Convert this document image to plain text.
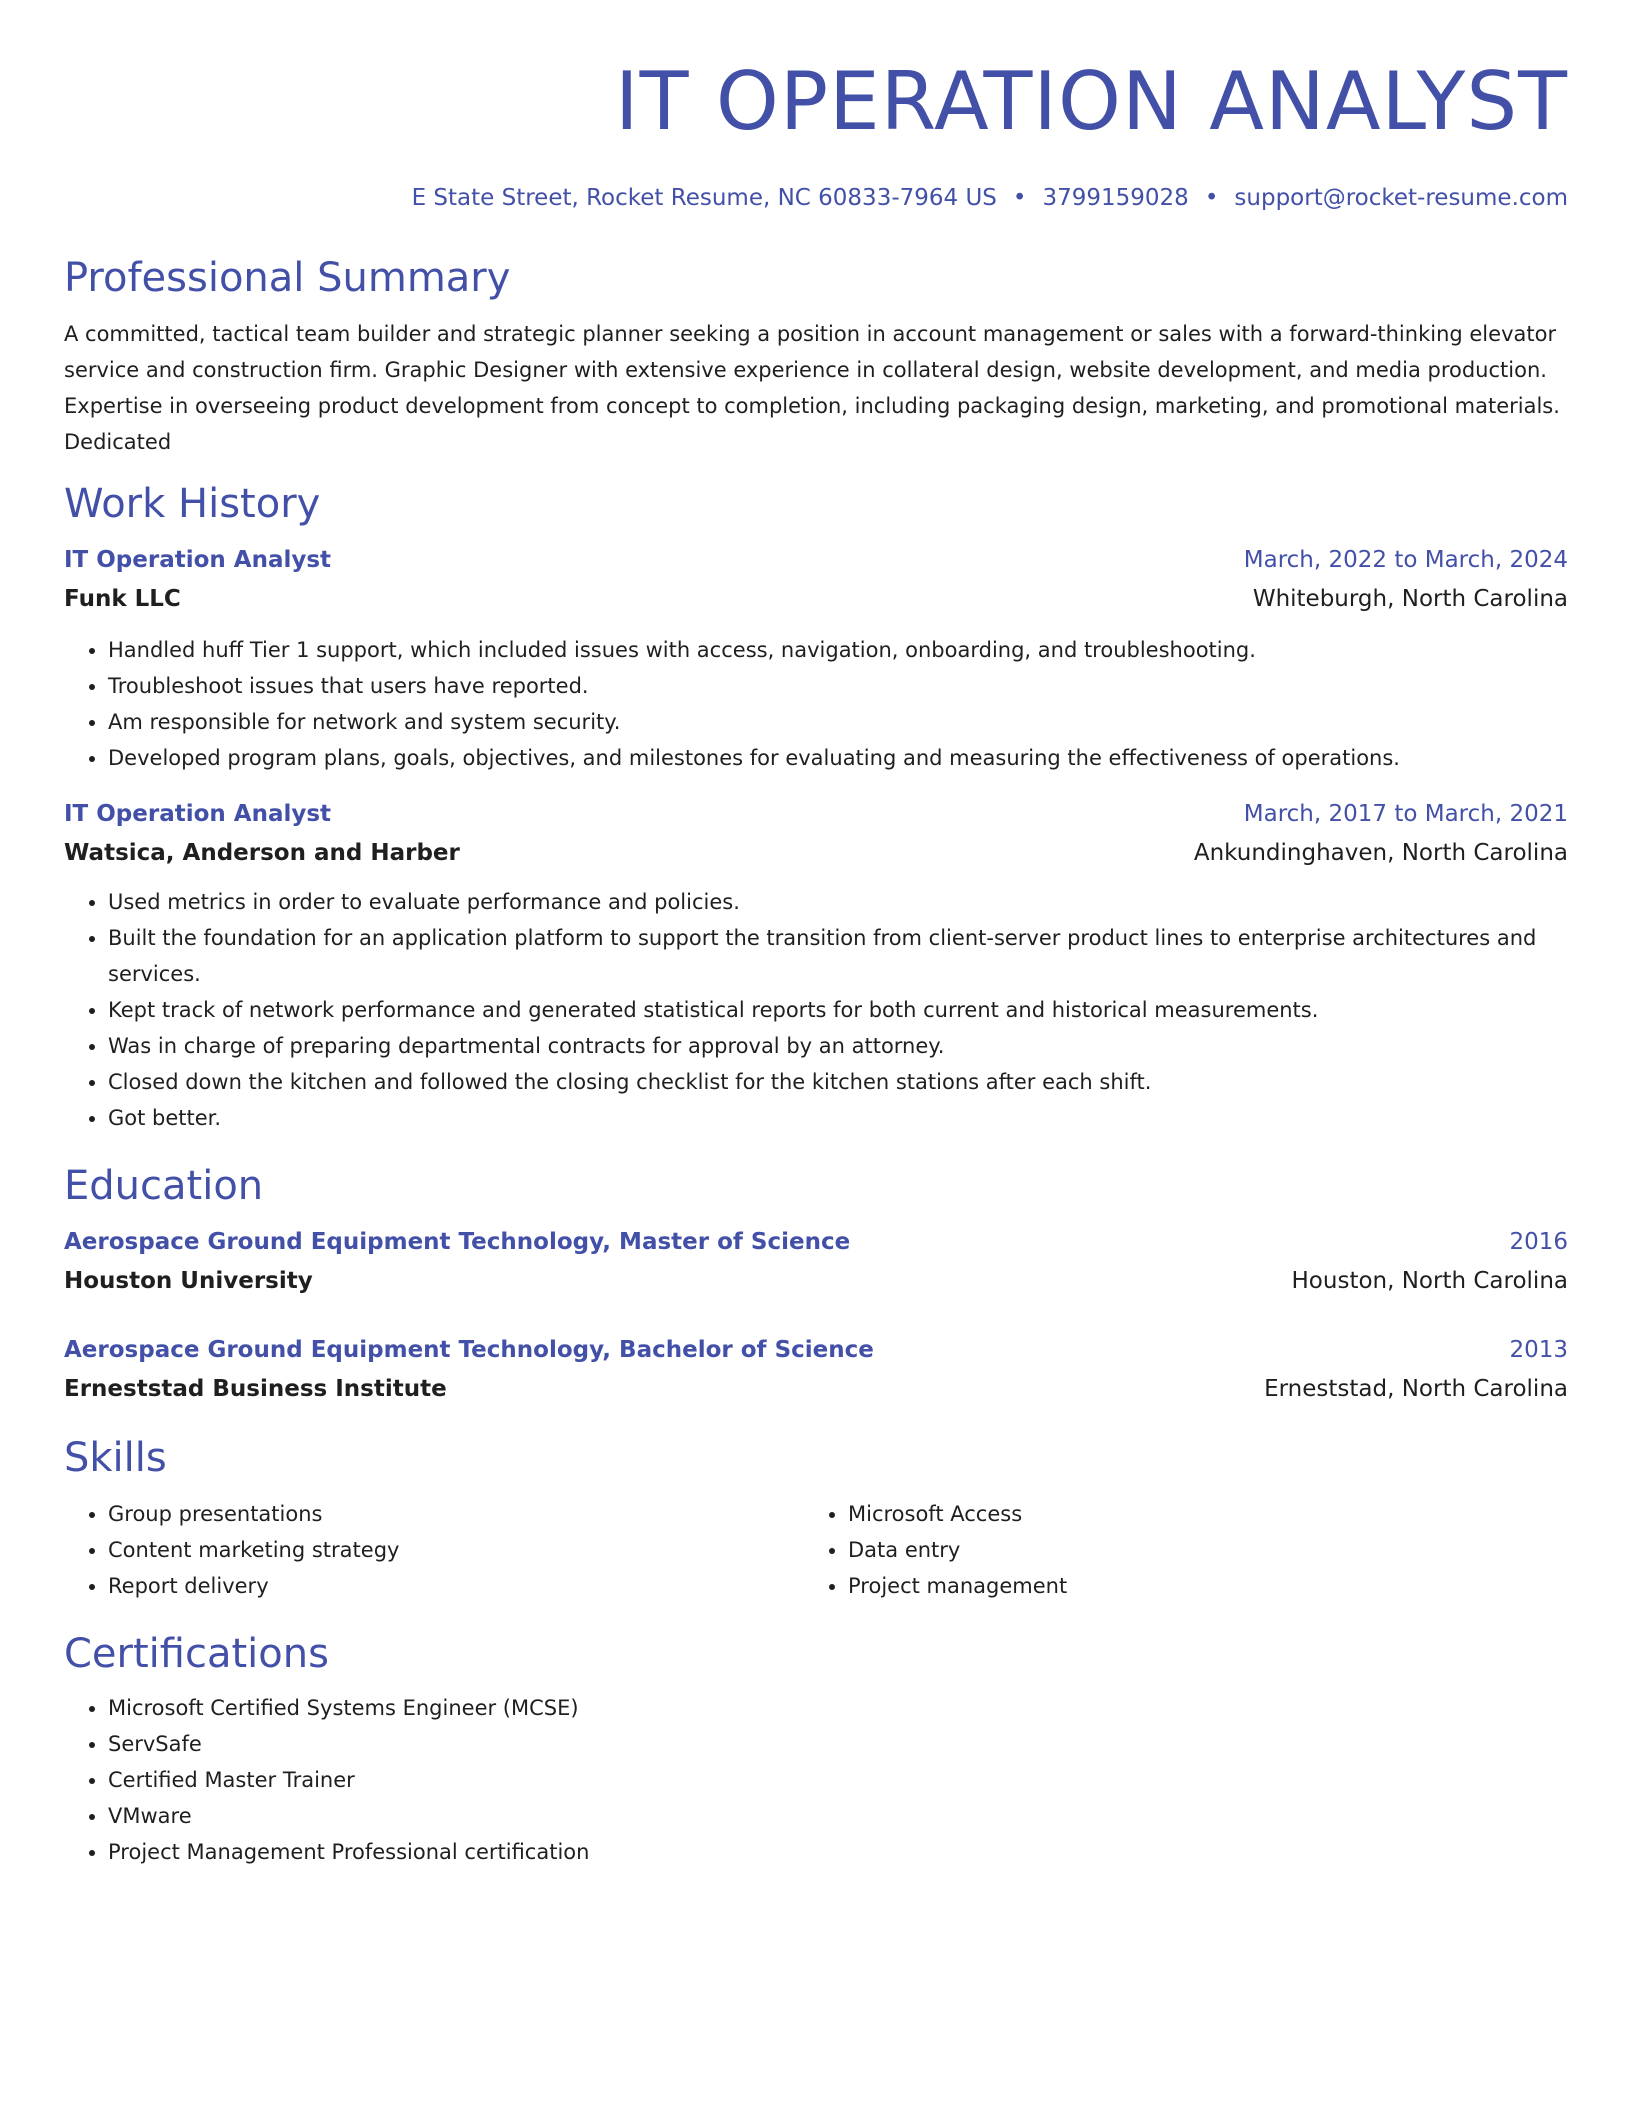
IT OPERATION ANALYST
E State Street, Rocket Resume, NC 60833-7964 US • 3799159028 • support@rocket-resume.com
Professional Summary

A committed, tactical team builder and strategic planner seeking a position in account management or sales with a forward-thinking elevator service and construction firm. Graphic Designer with extensive experience in collateral design, website development, and media production. Expertise in overseeing product development from concept to completion, including packaging design, marketing, and promotional materials. Dedicated

Work History
IT Operation Analyst	March, 2022 to March, 2024
Funk LLC	Whiteburgh, North Carolina
• Handled huff Tier 1 support, which included issues with access, navigation, onboarding, and troubleshooting.
• Troubleshoot issues that users have reported.
• Am responsible for network and system security.
• Developed program plans, goals, objectives, and milestones for evaluating and measuring the effectiveness of operations.
IT Operation Analyst	March, 2017 to March, 2021
Watsica, Anderson and Harber	Ankundinghaven, North Carolina
• Used metrics in order to evaluate performance and policies.
• Built the foundation for an application platform to support the transition from client-server product lines to enterprise architectures and services.
• Kept track of network performance and generated statistical reports for both current and historical measurements.
• Was in charge of preparing departmental contracts for approval by an attorney.
• Closed down the kitchen and followed the closing checklist for the kitchen stations after each shift.
• Got better.
Education
Aerospace Ground Equipment Technology, Master of Science	2016
Houston University	Houston, North Carolina
Aerospace Ground Equipment Technology, Bachelor of Science	2013
Erneststad Business Institute	Erneststad, North Carolina
Skills
• Group presentations
• Content marketing strategy
• Report delivery
• Microsoft Access
• Data entry
• Project management
Certifications
• Microsoft Certified Systems Engineer (MCSE)
• ServSafe
• Certified Master Trainer
• VMware
• Project Management Professional certification
